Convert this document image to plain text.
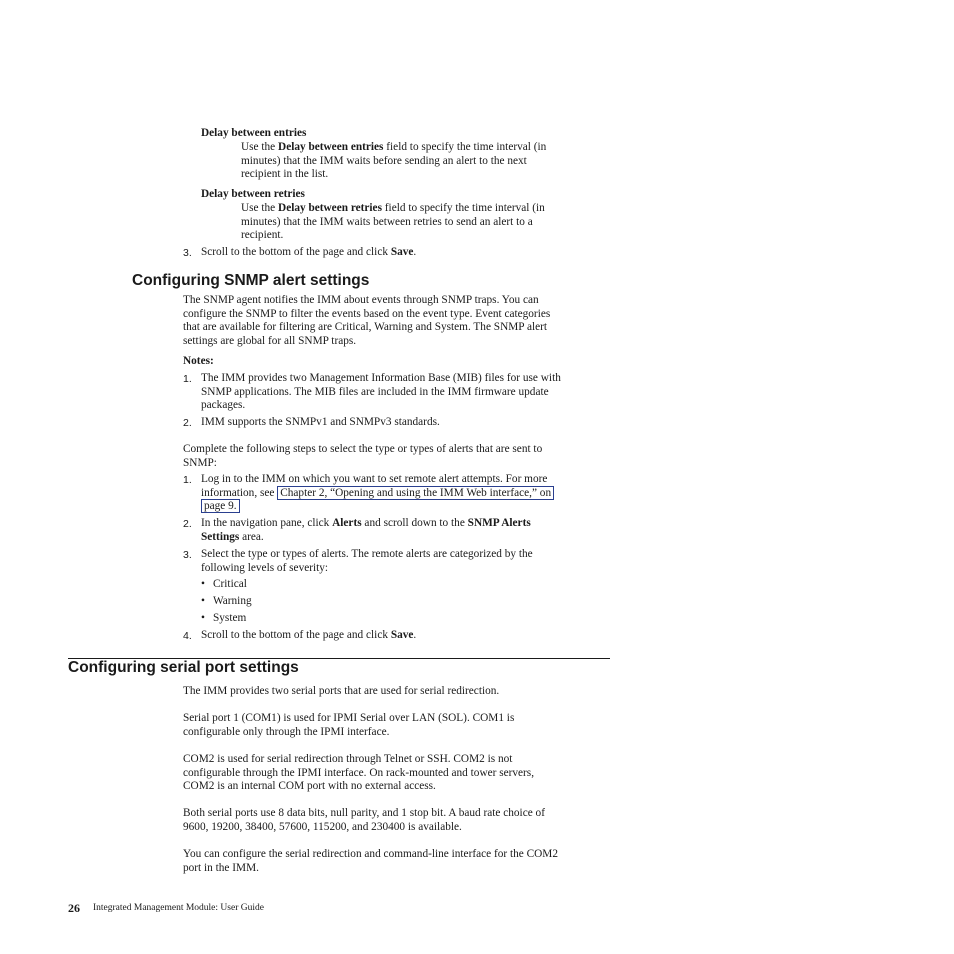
Delay between entries
Use the Delay between entries field to specify the time interval (in
minutes) that the IMM waits before sending an alert to the next
recipient in the list.
Delay between retries
Use the Delay between retries field to specify the time interval (in
minutes) that the IMM waits between retries to send an alert to a
recipient.
3. Scroll to the bottom of the page and click Save.
Configuring SNMP alert settings
The SNMP agent notifies the IMM about events through SNMP traps. You can
configure the SNMP to filter the events based on the event type. Event categories
that are available for filtering are Critical, Warning and System. The SNMP alert
settings are global for all SNMP traps.
Notes:
1. The IMM provides two Management Information Base (MIB) files for use with
SNMP applications. The MIB files are included in the IMM firmware update
packages.
2. IMM supports the SNMPv1 and SNMPv3 standards.
Complete the following steps to select the type or types of alerts that are sent to
SNMP:
1. Log in to the IMM on which you want to set remote alert attempts. For more
information, see Chapter 2, “Opening and using the IMM Web interface,” on
page 9.
2. In the navigation pane, click Alerts and scroll down to the SNMP Alerts
Settings area.
3. Select the type or types of alerts. The remote alerts are categorized by the
following levels of severity:
• Critical
• Warning
• System
4. Scroll to the bottom of the page and click Save.
Configuring serial port settings
The IMM provides two serial ports that are used for serial redirection.
Serial port 1 (COM1) is used for IPMI Serial over LAN (SOL). COM1 is
configurable only through the IPMI interface.
COM2 is used for serial redirection through Telnet or SSH. COM2 is not
configurable through the IPMI interface. On rack-mounted and tower servers,
COM2 is an internal COM port with no external access.
Both serial ports use 8 data bits, null parity, and 1 stop bit. A baud rate choice of
9600, 19200, 38400, 57600, 115200, and 230400 is available.
You can configure the serial redirection and command-line interface for the COM2
port in the IMM.
26 Integrated Management Module: User Guide
